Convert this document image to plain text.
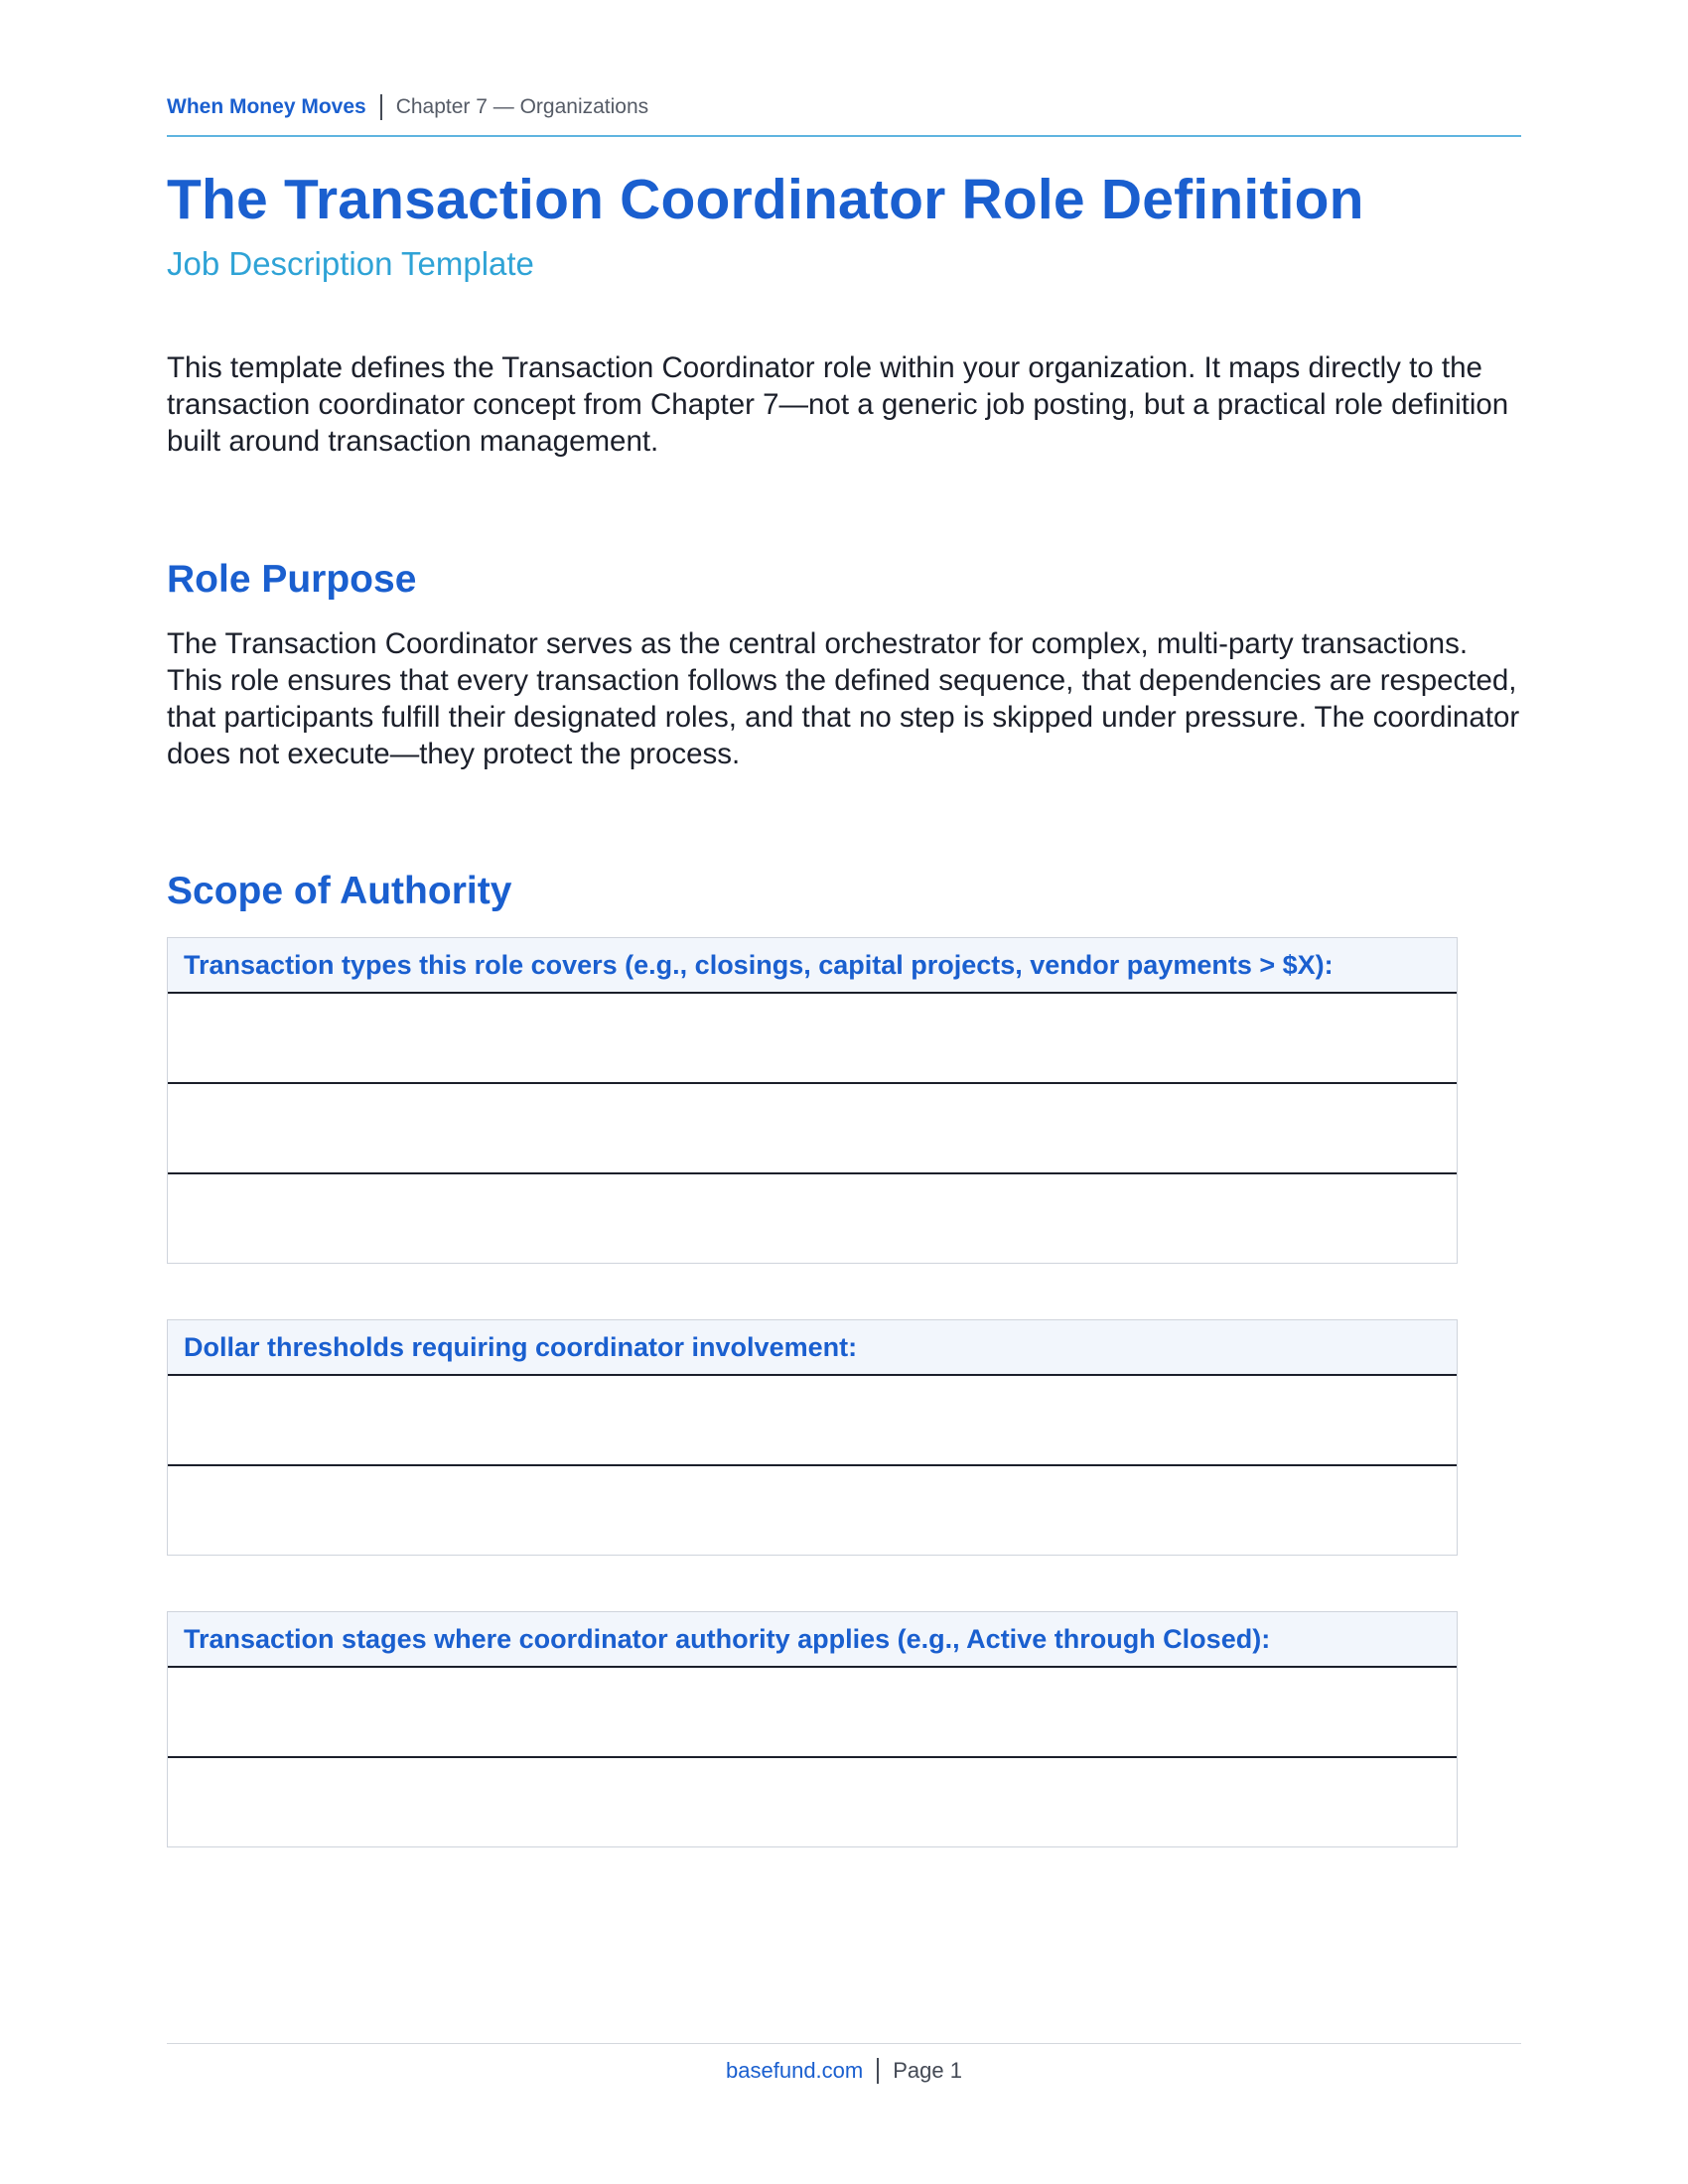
When Money Moves Chapter 7 — Organizations
The Transaction Coordinator Role Definition
Job Description Template

This template defines the Transaction Coordinator role within your organization. It maps directly to the transaction coordinator concept from Chapter 7—not a generic job posting, but a practical role definition built around transaction management.

Role Purpose

The Transaction Coordinator serves as the central orchestrator for complex, multi-party transactions. This role ensures that every transaction follows the defined sequence, that dependencies are respected, that participants fulfill their designated roles, and that no step is skipped under pressure. The coordinator does not execute—they protect the process.

Scope of Authority
Transaction types this role covers (e.g., closings, capital projects, vendor payments > $X):
Dollar thresholds requiring coordinator involvement:
Transaction stages where coordinator authority applies (e.g., Active through Closed):
basefund.com Page 1
